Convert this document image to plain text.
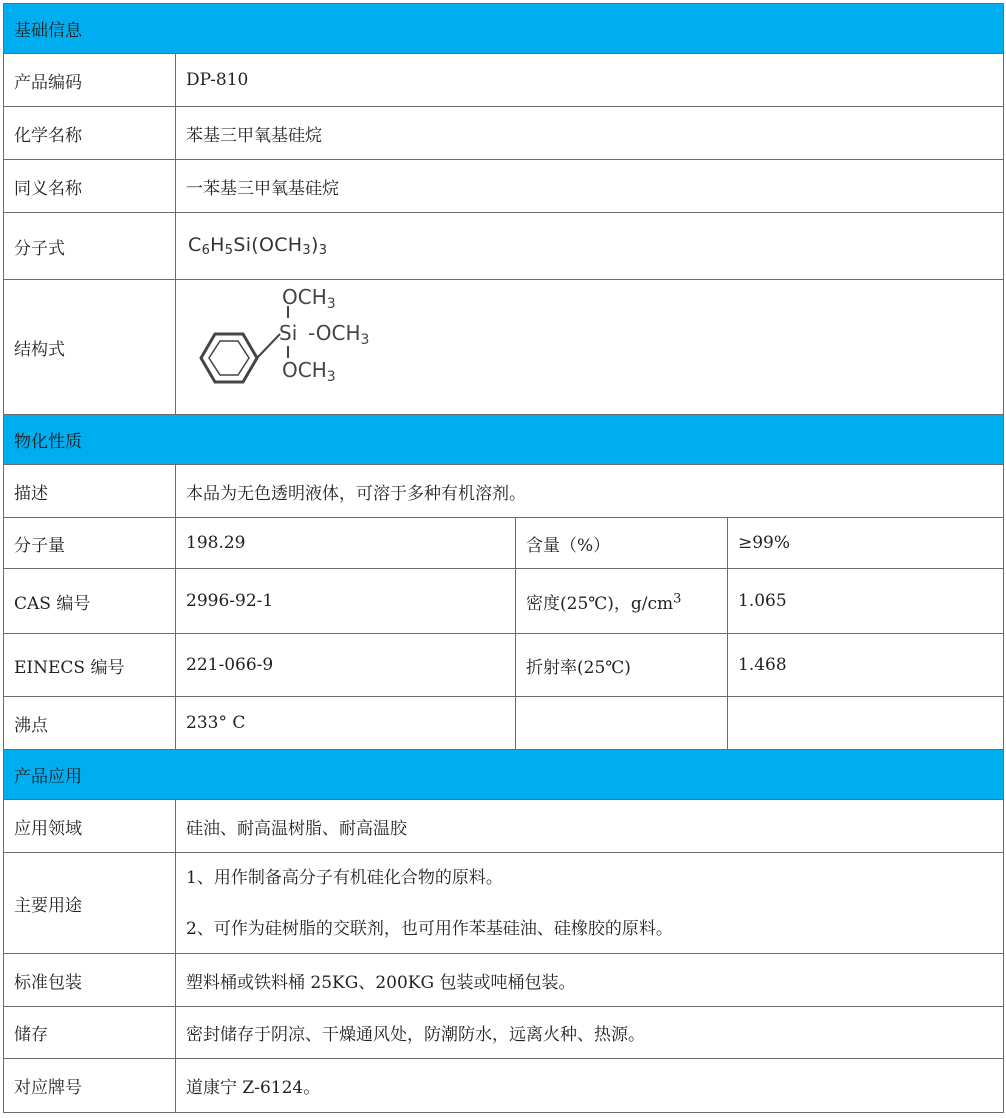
基础信息			
产品编码	DP-810		
化学名称	苯基三甲氧基硅烷		
同义名称	一苯基三甲氧基硅烷		
分子式	$C_6H_5Si(OCH_3)_3$
结构式	$OCH_3$
Si $-OCH_3$
$OCH_3$

物化性质			
描述	本品为无色透明液体，可溶于多种有机溶剂。		
分子量	198.29	含量（%）	≥99%
CAS 编号	2996-92-1	密度(25℃)，$g/cm^3$	1.065
EINECS 编号	221-066-9	折射率(25℃)	1.468
沸点	233° C		
产品应用			
应用领域	硅油、耐高温树脂、耐高温胶		
主要用途	1、用作制备高分子有机硅化合物的原料。
2、可作为硅树脂的交联剂，也可用作苯基硅油、硅橡胶的原料。		

标准包装	塑料桶或铁料桶 25KG、200KG 包装或吨桶包装。		
储存	密封储存于阴凉、干燥通风处，防潮防水，远离火种、热源。		
对应牌号	道康宁 Z-6124。		
